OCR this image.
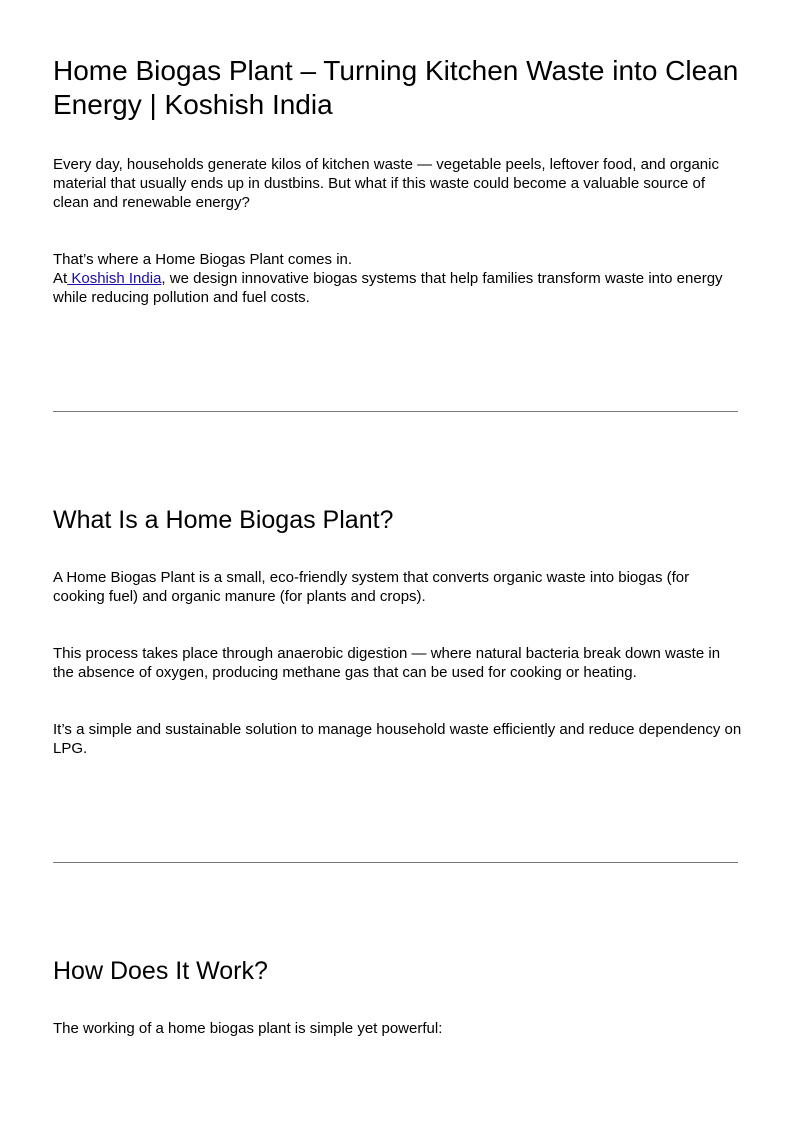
Home Biogas Plant – Turning Kitchen Waste into Clean Energy | Koshish India

Every day, households generate kilos of kitchen waste — vegetable peels, leftover food, and organic material that usually ends up in dustbins. But what if this waste could become a valuable source of clean and renewable energy?

That’s where a Home Biogas Plant comes in.
At Koshish India, we design innovative biogas systems that help families transform waste into energy while reducing pollution and fuel costs.

What Is a Home Biogas Plant?

A Home Biogas Plant is a small, eco-friendly system that converts organic waste into biogas (for cooking fuel) and organic manure (for plants and crops).

This process takes place through anaerobic digestion — where natural bacteria break down waste in the absence of oxygen, producing methane gas that can be used for cooking or heating.

It’s a simple and sustainable solution to manage household waste efficiently and reduce dependency on LPG.

How Does It Work?

The working of a home biogas plant is simple yet powerful:
